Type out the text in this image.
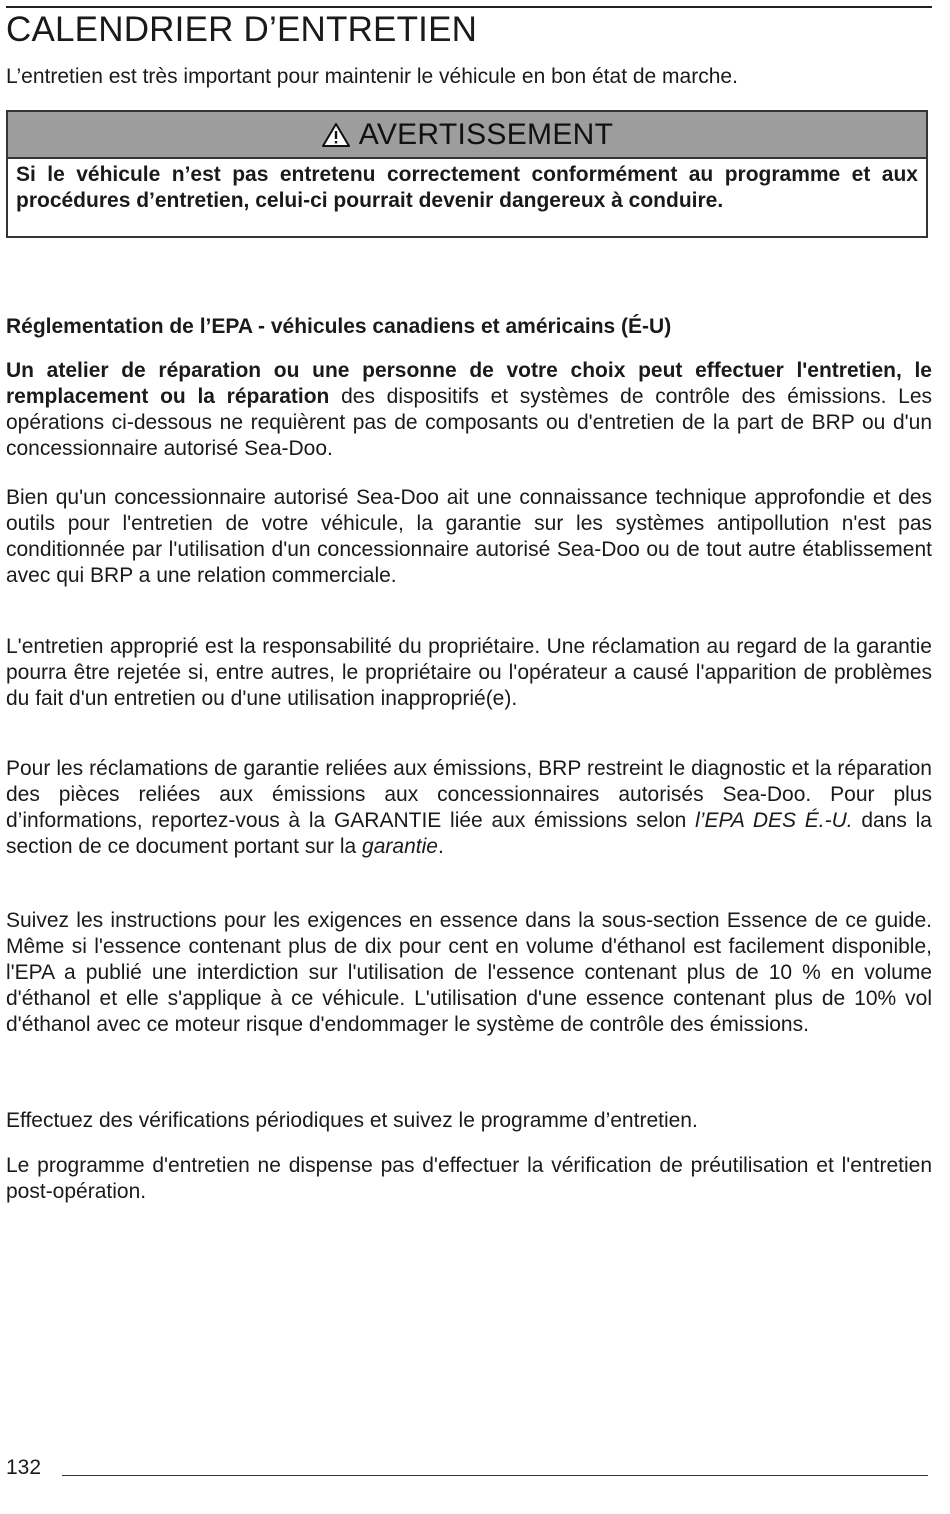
CALENDRIER D’ENTRETIEN

L’entretien est très important pour maintenir le véhicule en bon état de marche.

AVERTISSEMENT
Si le véhicule n’est pas entretenu correctement conformément au programme et aux procédures d’entretien, celui-ci pourrait devenir dangereux à conduire.
Réglementation de l’EPA - véhicules canadiens et américains (É-U)

Un atelier de réparation ou une personne de votre choix peut effectuer l'entretien, le remplacement ou la réparation des dispositifs et systèmes de contrôle des émissions. Les opérations ci-dessous ne requièrent pas de composants ou d'entretien de la part de BRP ou d'un concessionnaire autorisé Sea-Doo.

Bien qu'un concessionnaire autorisé Sea-Doo ait une connaissance technique approfondie et des outils pour l'entretien de votre véhicule, la garantie sur les systèmes antipollution n'est pas conditionnée par l'utilisation d'un concessionnaire autorisé Sea-Doo ou de tout autre établissement avec qui BRP a une relation commerciale.

L'entretien approprié est la responsabilité du propriétaire. Une réclamation au regard de la garantie pourra être rejetée si, entre autres, le propriétaire ou l'opérateur a causé l'apparition de problèmes du fait d'un entretien ou d'une utilisation inapproprié(e).

Pour les réclamations de garantie reliées aux émissions, BRP restreint le diagnostic et la réparation des pièces reliées aux émissions aux concessionnaires autorisés Sea-Doo. Pour plus d’informations, reportez-vous à la GARANTIE liée aux émissions selon l’EPA DES É.-U. dans la section de ce document portant sur la garantie.

Suivez les instructions pour les exigences en essence dans la sous-section Essence de ce guide. Même si l'essence contenant plus de dix pour cent en volume d'éthanol est facilement disponible, l'EPA a publié une interdiction sur l'utilisation de l'essence contenant plus de 10 % en volume d'éthanol et elle s'applique à ce véhicule. L'utilisation d'une essence contenant plus de 10% vol d'éthanol avec ce moteur risque d'endommager le système de contrôle des émissions.

Effectuez des vérifications périodiques et suivez le programme d’entretien.

Le programme d'entretien ne dispense pas d'effectuer la vérification de préutilisation et l'entretien post-opération.

132
